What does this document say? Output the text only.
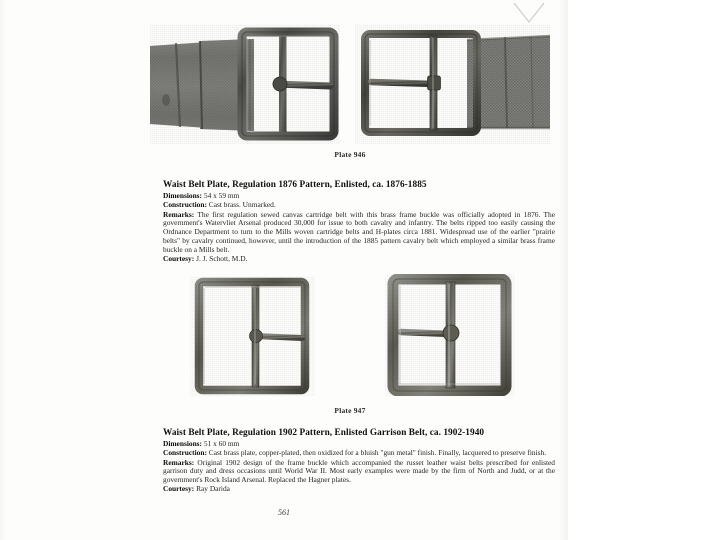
Plate 946
Waist Belt Plate, Regulation 1876 Pattern, Enlisted, ca. 1876-1885

Dimensions: 54 x 59 mm

Construction: Cast brass. Unmarked.

Remarks: The first regulation sewed canvas cartridge belt with this brass frame buckle was officially adopted in 1876. The government's Watervliet Arsenal produced 30,000 for issue to both cavalry and infantry. The belts ripped too easily causing the Ordnance Department to turn to the Mills woven cartridge belts and H-plates circa 1881. Widespread use of the earlier "prairie belts" by cavalry continued, however, until the introduction of the 1885 pattern cavalry belt which employed a similar brass frame buckle on a Mills belt.

Courtesy: J. J. Schott, M.D.

Plate 947
Waist Belt Plate, Regulation 1902 Pattern, Enlisted Garrison Belt, ca. 1902-1940

Dimensions: 51 x 60 mm

Construction: Cast brass plate, copper-plated, then oxidized for a bluish "gun metal" finish. Finally, lacquered to preserve finish.

Remarks: Original 1902 design of the frame buckle which accompanied the russet leather waist belts prescribed for enlisted garrison duty and dress occasions until World War II. Most early examples were made by the firm of North and Judd, or at the government's Rock Island Arsenal. Replaced the Hagner plates.

Courtesy: Ray Darida

561
